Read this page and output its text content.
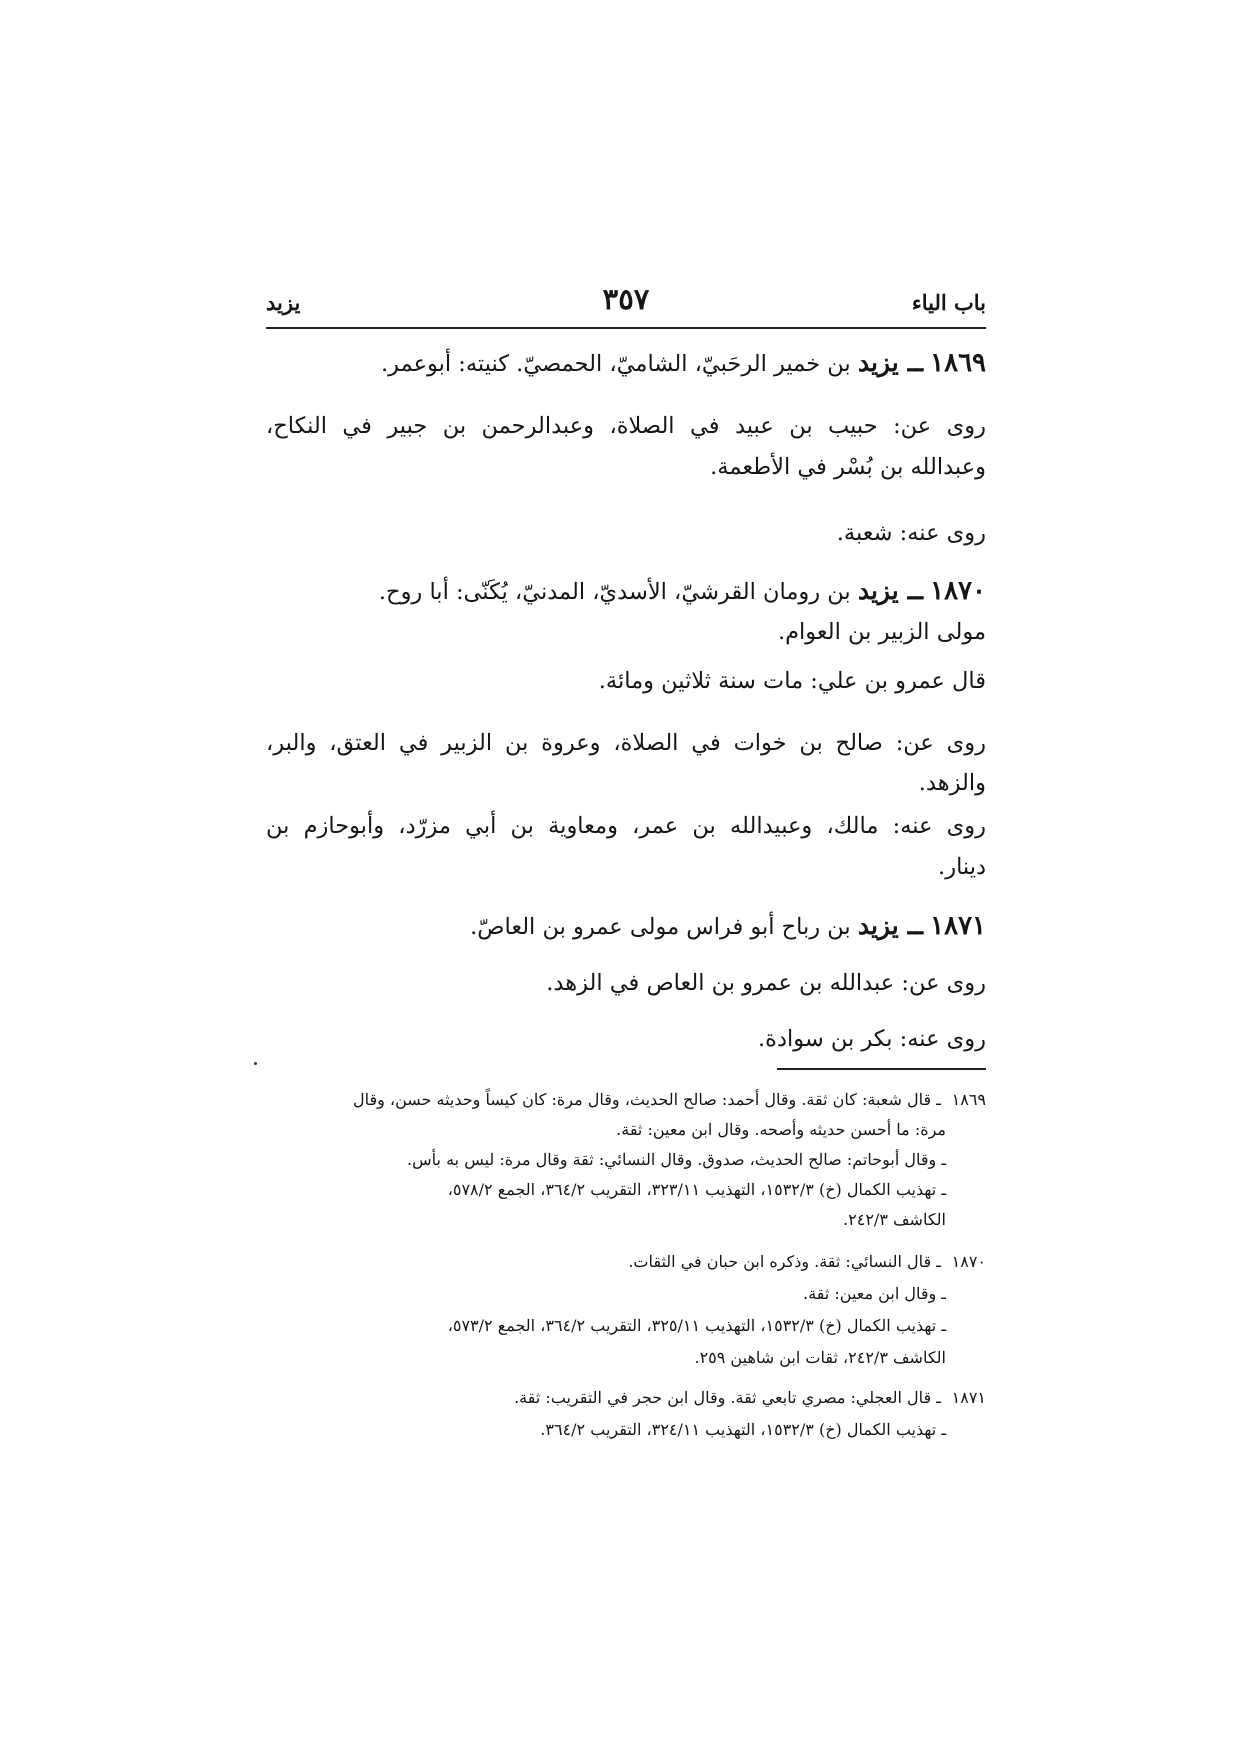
باب الياء
٣٥٧
يزيد
١٨٦٩ ــ يزيد بن خمير الرحَبيّ، الشاميّ، الحمصيّ. كنيته: أبوعمر.
روى عن: حبيب بن عبيد في الصلاة، وعبدالرحمن بن جبير في النكاح،
وعبدالله بن بُسْر في الأطعمة.
روى عنه: شعبة.
١٨٧٠ ــ يزيد بن رومان القرشيّ، الأسديّ، المدنيّ، يُكَنّى: أبا روح.
مولى الزبير بن العوام.
قال عمرو بن علي: مات سنة ثلاثين ومائة.
روى عن: صالح بن خوات في الصلاة، وعروة بن الزبير في العتق، والبر،
والزهد.
روى عنه: مالك، وعبيدالله بن عمر، ومعاوية بن أبي مزرّد، وأبوحازم بن
دينار.
١٨٧١ ــ يزيد بن رباح أبو فراس مولى عمرو بن العاصّ.
روى عن: عبدالله بن عمرو بن العاص في الزهد.
روى عنه: بكر بن سوادة.
١٨٦٩ ـ قال شعبة: كان ثقة. وقال أحمد: صالح الحديث، وقال مرة: كان كيساً وحديثه حسن، وقال
مرة: ما أحسن حديثه وأصحه. وقال ابن معين: ثقة.
ـ وقال أبوحاتم: صالح الحديث، صدوق. وقال النسائي: ثقة وقال مرة: ليس به بأس.
ـ تهذيب الكمال (خ) ١٥٣٢/٣، التهذيب ٣٢٣/١١، التقريب ٣٦٤/٢، الجمع ٥٧٨/٢،
الكاشف ٢٤٢/٣.
١٨٧٠ ـ قال النسائي: ثقة. وذكره ابن حبان في الثقات.
ـ وقال ابن معين: ثقة.
ـ تهذيب الكمال (خ) ١٥٣٢/٣، التهذيب ٣٢٥/١١، التقريب ٣٦٤/٢، الجمع ٥٧٣/٢،
الكاشف ٢٤٢/٣، ثقات ابن شاهين ٢٥٩.
١٨٧١ ـ قال العجلي: مصري تابعي ثقة. وقال ابن حجر في التقريب: ثقة.
ـ تهذيب الكمال (خ) ١٥٣٢/٣، التهذيب ٣٢٤/١١، التقريب ٣٦٤/٢.
